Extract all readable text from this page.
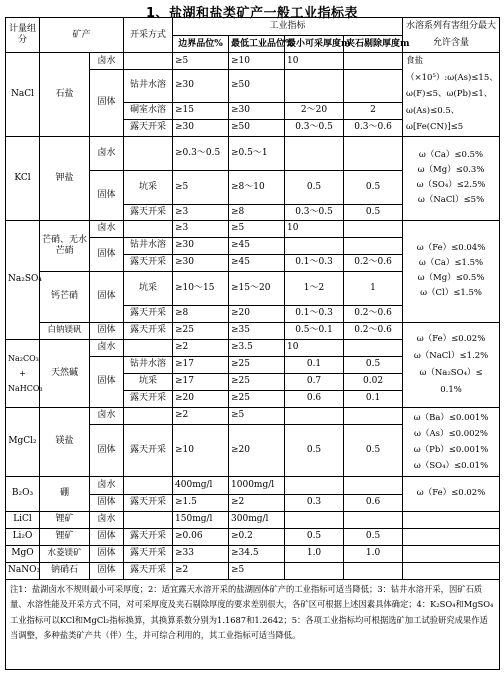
1、盐湖和盐类矿产一般工业指标表
计量组分	矿产		开采方式	工业指标				水溶系列有害组分最大允许含量
				边界品位%	最低工业品位%	最小可采厚度m	夹石剔除厚度m	
NaCl	石盐	卤水		≥5	≥10	10		食盐（×10⁵）:ω(As)≤15、ω(F)≤5、ω(Pb)≤1、ω(As)≤0.5、ω[Fe(CN)]≤5
		固体	钻井水溶	≥30	≥50			
			硐室水溶	≥15	≥30	2～20	2	
			露天开采	≥30	≥50	0.3～0.5	0.3～0.6	
KCl	钾盐	卤水		≥0.3～0.5	≥0.5～1			ω（Ca）≤0.5%
ω（Mg）≤0.3%
ω（SO₄）≤2.5%
ω（NaCl）≤5%

		固体	坑采	≥5	≥8～10	0.5	0.5	
			露天开采	≥3	≥8	0.3～0.5	0.5	
Na₂SO₄	芒硝、无水芒硝	卤水		≥3	≥5	10		ω（Fe）≤0.04%
ω（Ca）≤1.5%
ω（Mg）≤0.5%
ω（Cl）≤1.5%

		固体	钻井水溶	≥30	≥45			
			露天开采	≥30	≥45	0.1～0.3	0.2～0.6	
	钙芒硝	固体	坑采	≥10～15	≥15～20	1～2	1	
			露天开采	≥8	≥20	0.1～0.3	0.2～0.6	
	白钠镁矾	固体	露天开采	≥25	≥35	0.5～0.1	0.2～0.6	ω（Fe）≤0.02%
ω（NaCl）≤1.2%
ω（Na₂SO₄）≤
0.1%

Na₂CO₃ + NaHCO₃	天然碱	卤水		≥2	≥3.5	10		
		固体	钻井水溶	≥17	≥25	0.1	0.5	
			坑采	≥17	≥25	0.7	0.02	
			露天开采	≥20	≥25	0.6	0.1	
MgCl₂	镁盐	卤水		≥2	≥5			ω（Ba）≤0.001%
ω（As）≤0.002%
ω（Pb）≤0.001%
ω（SO₄）≤0.01%

		固体	露天开采	≥10	≥20	0.5	0.5	
B₂O₃	硼	卤水		400mg/l	1000mg/l			ω（Fe）≤0.02%
		固体	露天开采	≥1.5	≥2	0.3	0.6	
LiCl	锂矿	卤水		150mg/l	300mg/l			
Li₂O	锂矿	固体	露天开采	≥0.06	≥0.2	0.5	0.5	
MgO	水菱镁矿	固体	露天开采	≥33	≥34.5	1.0	1.0	
NaNO₃	钠硝石	固体	露天开采	≥2	≥5			
注1：盐湖卤水不规则最小可采厚度；2：适宜露天水溶开采的盐湖固体矿产的工业指标可适当降低；3：钻井水溶开采，因矿石质量、水溶性能及开采方式不同，对可采厚度及夹石剔除厚度的要求差别很大，各矿区可根据上述因素具体确定；4：K₂SO₄和MgSO₄工业指标可以KCl和MgCl₂指标换算，其换算系数分别为1.1687和1.2642；5：各项工业指标均可根据选矿加工试验研究成果作适当调整，多种盐类矿产共（伴）生，并可综合利用的，其工业指标可适当降低。								
